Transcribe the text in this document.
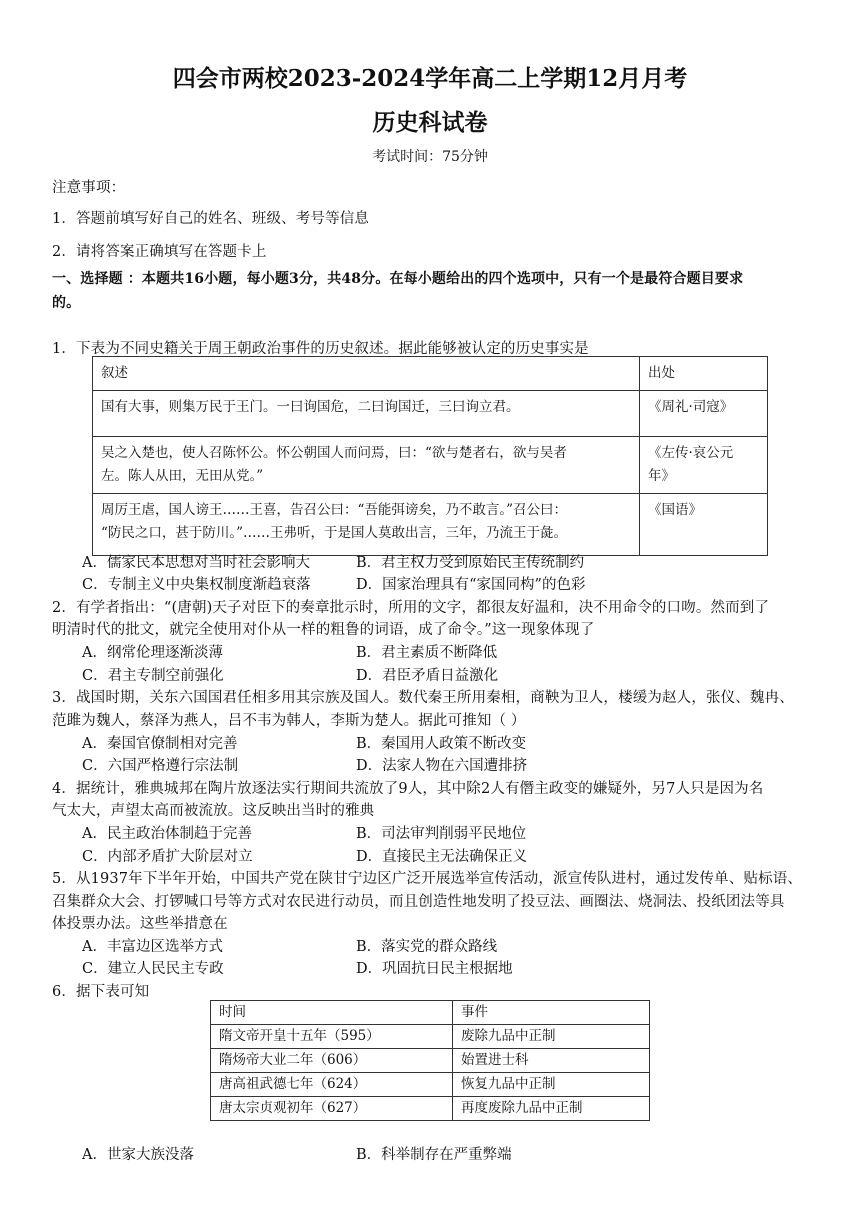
四会市两校2023-2024学年高二上学期12月月考
历史科试卷
考试时间：75分钟
注意事项：
1．答题前填写好自己的姓名、班级、考号等信息
2．请将答案正确填写在答题卡上
一、选择题 ：本题共16小题，每小题3分，共48分。在每小题给出的四个选项中，只有一个是最符合题目要求
的。
1．下表为不同史籍关于周王朝政治事件的历史叙述。据此能够被认定的历史事实是
叙述	出处
国有大事，则集万民于王门。一曰询国危，二曰询国迁，三曰询立君。	《周礼·司寇》
吴之入楚也，使人召陈怀公。怀公朝国人而问焉，曰：“欲与楚者右，欲与吴者
左。陈人从田，无田从党。”	《左传·哀公元
年》
周厉王虐，国人谤王……王喜，告召公曰：“吾能弭谤矣，乃不敢言。”召公曰：
“防民之口，甚于防川。”……王弗听，于是国人莫敢出言，三年，乃流王于彘。	《国语》
A．儒家民本思想对当时社会影响大	B．君主权力受到原始民主传统制约
C．专制主义中央集权制度渐趋衰落	D．国家治理具有“家国同构”的色彩
2．有学者指出：“(唐朝)天子对臣下的奏章批示时，所用的文字，都很友好温和，决不用命令的口吻。然而到了
明清时代的批文，就完全使用对仆从一样的粗鲁的词语，成了命令。”这一现象体现了
A．纲常伦理逐渐淡薄	B．君主素质不断降低
C．君主专制空前强化	D．君臣矛盾日益激化
3．战国时期，关东六国国君任相多用其宗族及国人。数代秦王所用秦相，商鞅为卫人，楼缓为赵人，张仪、魏冉、
范雎为魏人，蔡泽为燕人，吕不韦为韩人，李斯为楚人。据此可推知（ ）
A．秦国官僚制相对完善	B．秦国用人政策不断改变
C．六国严格遵行宗法制	D．法家人物在六国遭排挤
4．据统计，雅典城邦在陶片放逐法实行期间共流放了9人，其中除2人有僭主政变的嫌疑外，另7人只是因为名
气太大，声望太高而被流放。这反映出当时的雅典
A．民主政治体制趋于完善	B．司法审判削弱平民地位
C．内部矛盾扩大阶层对立	D．直接民主无法确保正义
5．从1937年下半年开始，中国共产党在陕甘宁边区广泛开展选举宣传活动，派宣传队进村，通过发传单、贴标语、
召集群众大会、打锣喊口号等方式对农民进行动员，而且创造性地发明了投豆法、画圈法、烧洞法、投纸团法等具
体投票办法。这些举措意在
A．丰富边区选举方式	B．落实党的群众路线
C．建立人民民主专政	D．巩固抗日民主根据地
6．据下表可知
时间	事件
隋文帝开皇十五年（595）	废除九品中正制
隋炀帝大业二年（606）	始置进士科
唐高祖武德七年（624）	恢复九品中正制
唐太宗贞观初年（627）	再度废除九品中正制
A．世家大族没落	B．科举制存在严重弊端
